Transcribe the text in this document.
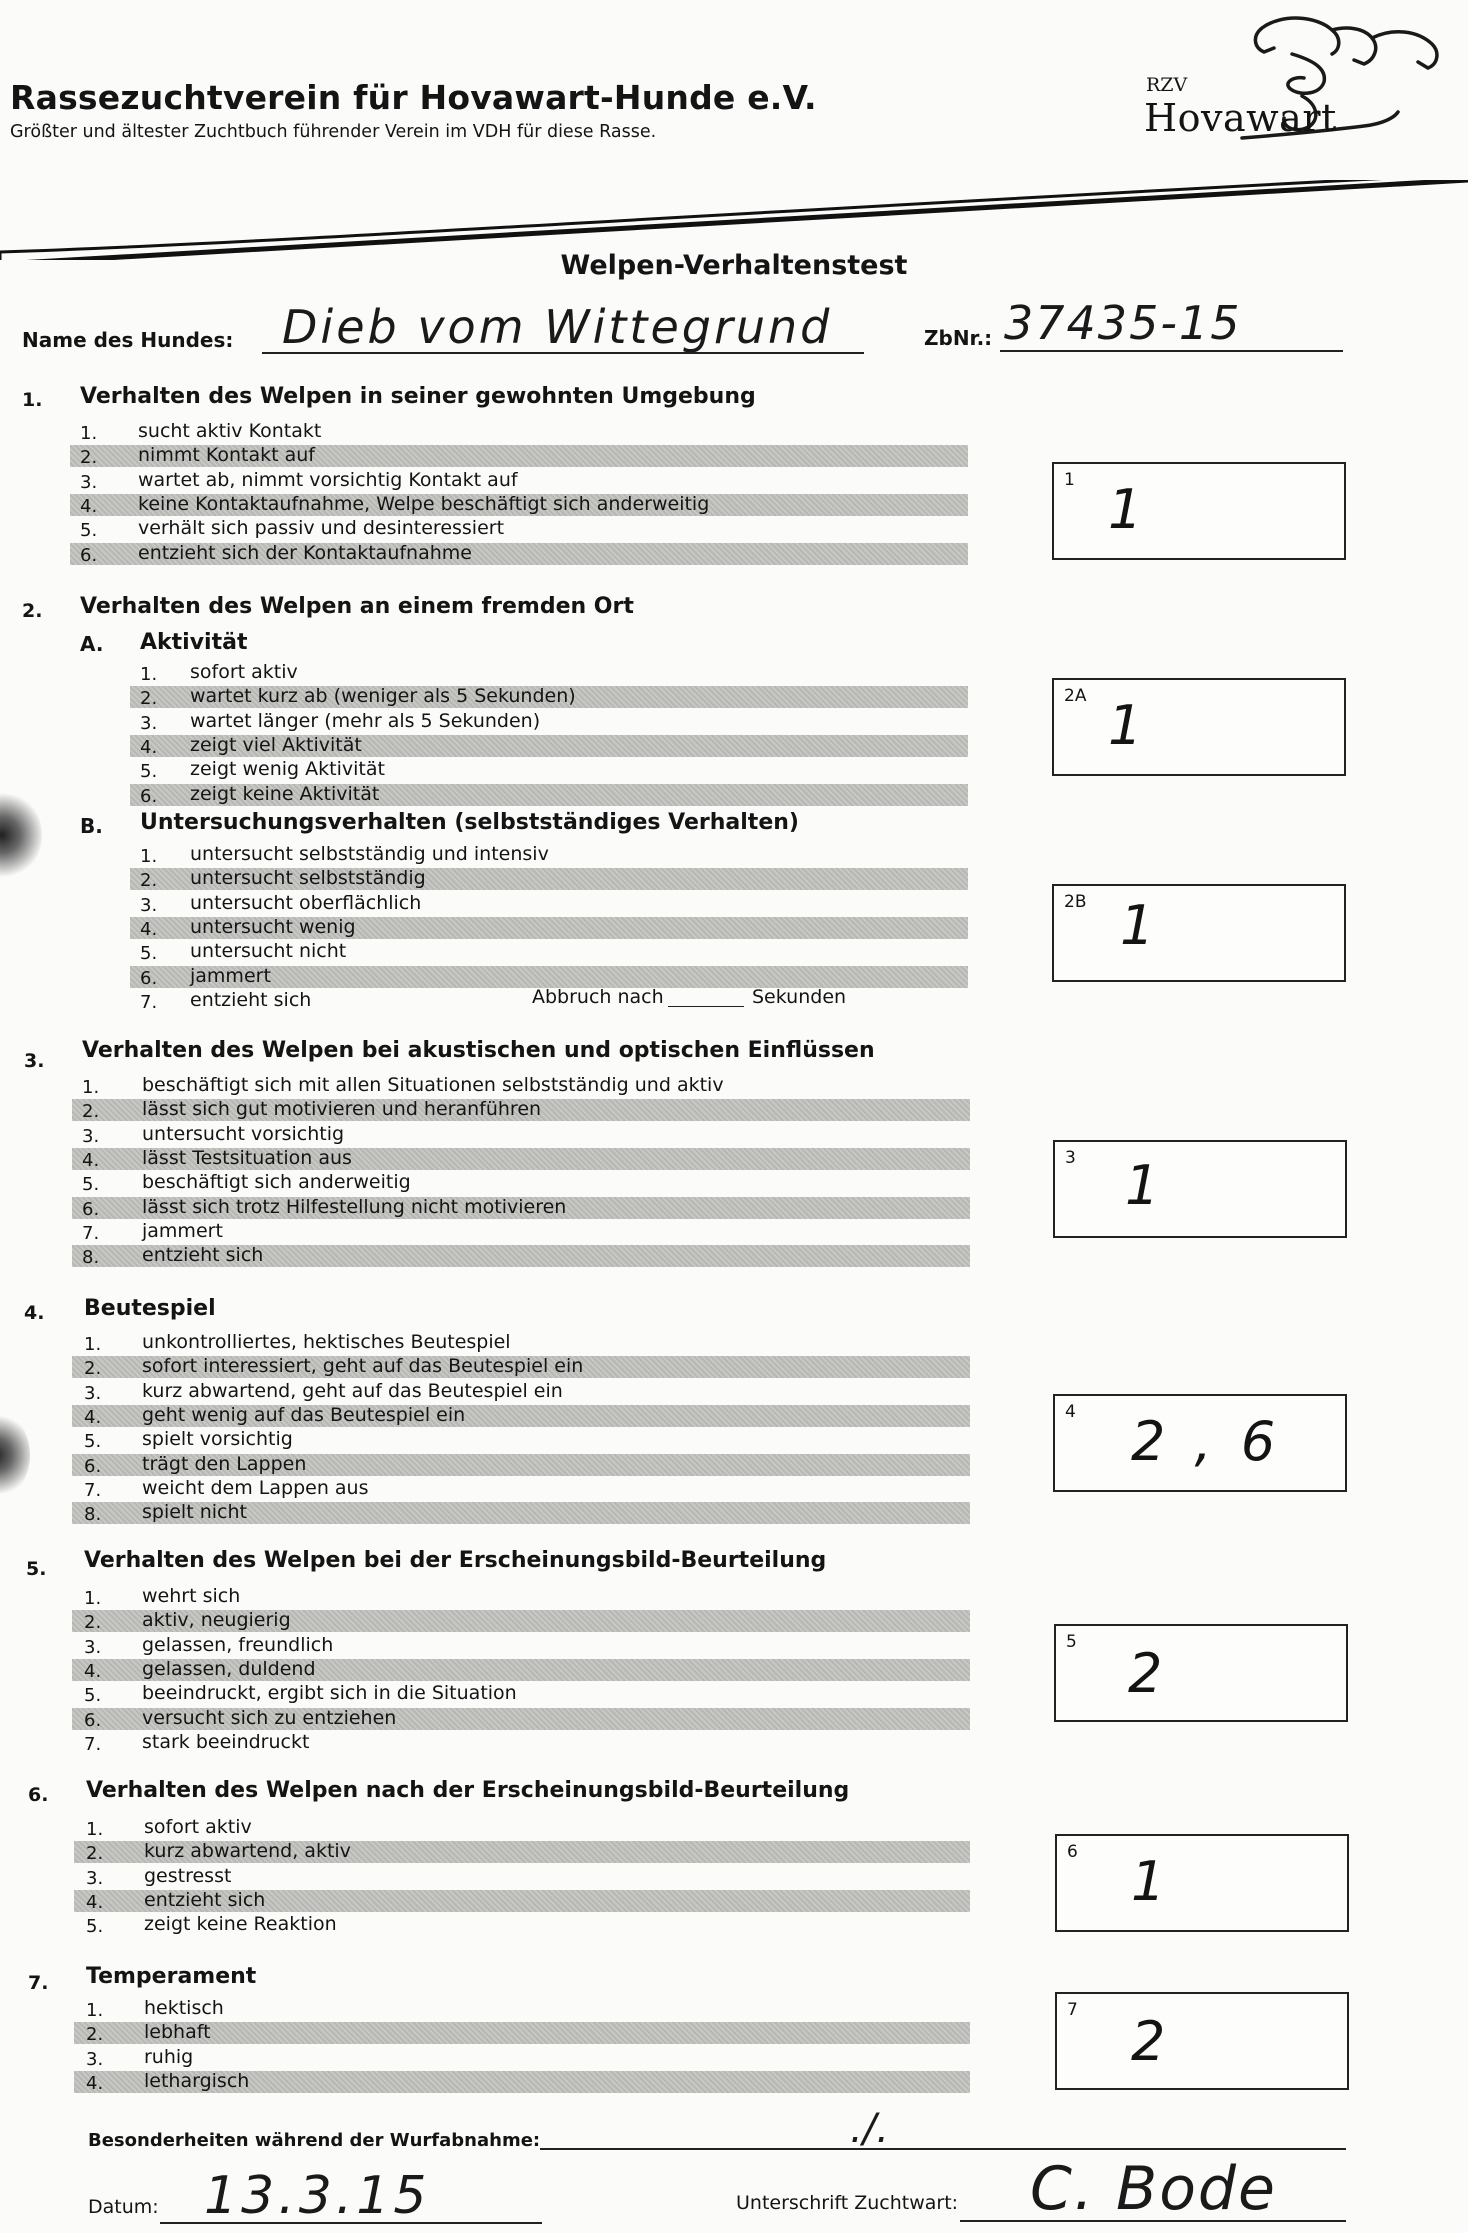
Rassezuchtverein für Hovawart-Hunde e.V.
Größter und ältester Zuchtbuch führender Verein im VDH für diese Rasse.
RZV
Hovawart
Welpen-Verhaltenstest
Name des Hundes: Dieb vom Wittegrund	ZbNr.: 37435-15
1. Verhalten des Welpen in seiner gewohnten Umgebung
1. sucht aktiv Kontakt
2. nimmt Kontakt auf
3. wartet ab, nimmt vorsichtig Kontakt auf
4. keine Kontaktaufnahme, Welpe beschäftigt sich anderweitig
5. verhält sich passiv und desinteressiert
6. entzieht sich der Kontaktaufnahme
1 1
2. Verhalten des Welpen an einem fremden Ort
A. Aktivität
1. sofort aktiv
2. wartet kurz ab (weniger als 5 Sekunden)
3. wartet länger (mehr als 5 Sekunden)
4. zeigt viel Aktivität
5. zeigt wenig Aktivität
6. zeigt keine Aktivität
2A 1
B. Untersuchungsverhalten (selbstständiges Verhalten)
1. untersucht selbstständig und intensiv
2. untersucht selbstständig
3. untersucht oberflächlich
4. untersucht wenig
5. untersucht nicht
6. jammert
7. entzieht sich	Abbruch nach	Sekunden
2B 1
3. Verhalten des Welpen bei akustischen und optischen Einflüssen
1. beschäftigt sich mit allen Situationen selbstständig und aktiv
2. lässt sich gut motivieren und heranführen
3. untersucht vorsichtig
4. lässt Testsituation aus
5. beschäftigt sich anderweitig
6. lässt sich trotz Hilfestellung nicht motivieren
7. jammert
8. entzieht sich
3 1
4. Beutespiel
1. unkontrolliertes, hektisches Beutespiel
2. sofort interessiert, geht auf das Beutespiel ein
3. kurz abwartend, geht auf das Beutespiel ein
4. geht wenig auf das Beutespiel ein
5. spielt vorsichtig
6. trägt den Lappen
7. weicht dem Lappen aus
8. spielt nicht
4 2 , 6
5. Verhalten des Welpen bei der Erscheinungsbild-Beurteilung
1. wehrt sich
2. aktiv, neugierig
3. gelassen, freundlich
4. gelassen, duldend
5. beeindruckt, ergibt sich in die Situation
6. versucht sich zu entziehen
7. stark beeindruckt
5 2
6. Verhalten des Welpen nach der Erscheinungsbild-Beurteilung
1. sofort aktiv
2. kurz abwartend, aktiv
3. gestresst
4. entzieht sich
5. zeigt keine Reaktion
6 1
7. Temperament
1. hektisch
2. lebhaft
3. ruhig
4. lethargisch
7 2
Besonderheiten während der Wurfabnahme:	./.
Datum: 13.3.15	Unterschrift Zuchtwart: C. Bode
